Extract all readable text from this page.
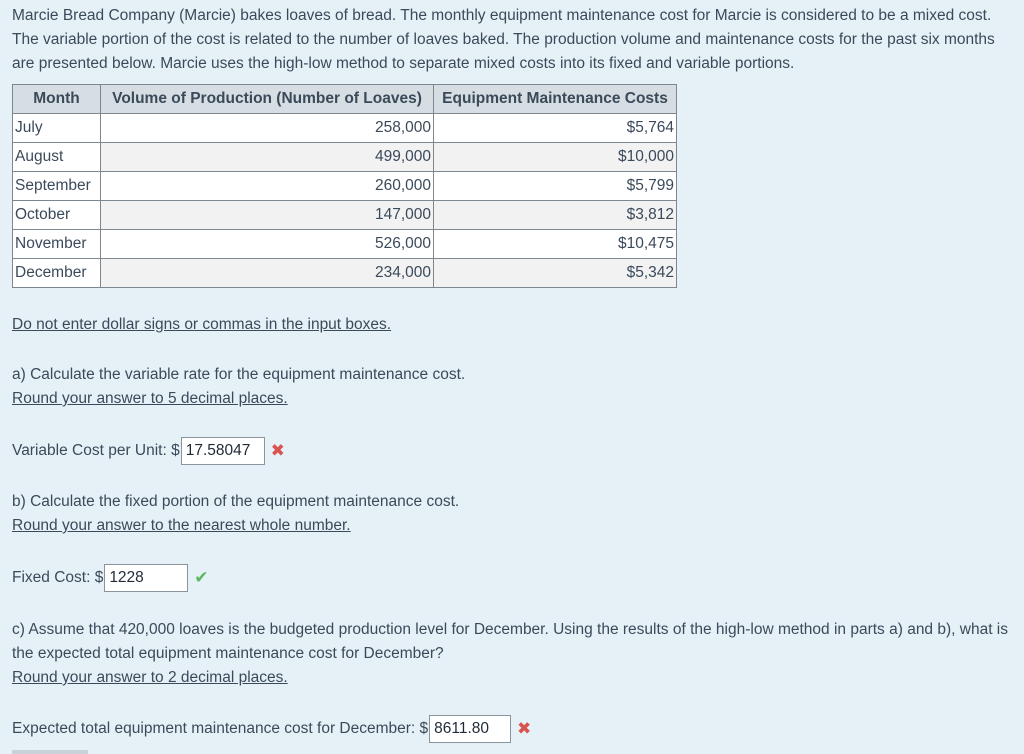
Marcie Bread Company (Marcie) bakes loaves of bread. The monthly equipment maintenance cost for Marcie is considered to be a mixed cost. The variable portion of the cost is related to the number of loaves baked. The production volume and maintenance costs for the past six months are presented below. Marcie uses the high-low method to separate mixed costs into its fixed and variable portions.

Month	Volume of Production (Number of Loaves)	Equipment Maintenance Costs
July	258,000	$5,764
August	499,000	$10,000
September	260,000	$5,799
October	147,000	$3,812
November	526,000	$10,475
December	234,000	$5,342

Do not enter dollar signs or commas in the input boxes.

a) Calculate the variable rate for the equipment maintenance cost.
Round your answer to 5 decimal places.

Variable Cost per Unit: $
17.58047	✖

b) Calculate the fixed portion of the equipment maintenance cost.
Round your answer to the nearest whole number.

Fixed Cost: $
1228	✔

c) Assume that 420,000 loaves is the budgeted production level for December. Using the results of the high-low method in parts a) and b), what is the expected total equipment maintenance cost for December?
Round your answer to 2 decimal places.

Expected total equipment maintenance cost for December: $
8611.80	✖
